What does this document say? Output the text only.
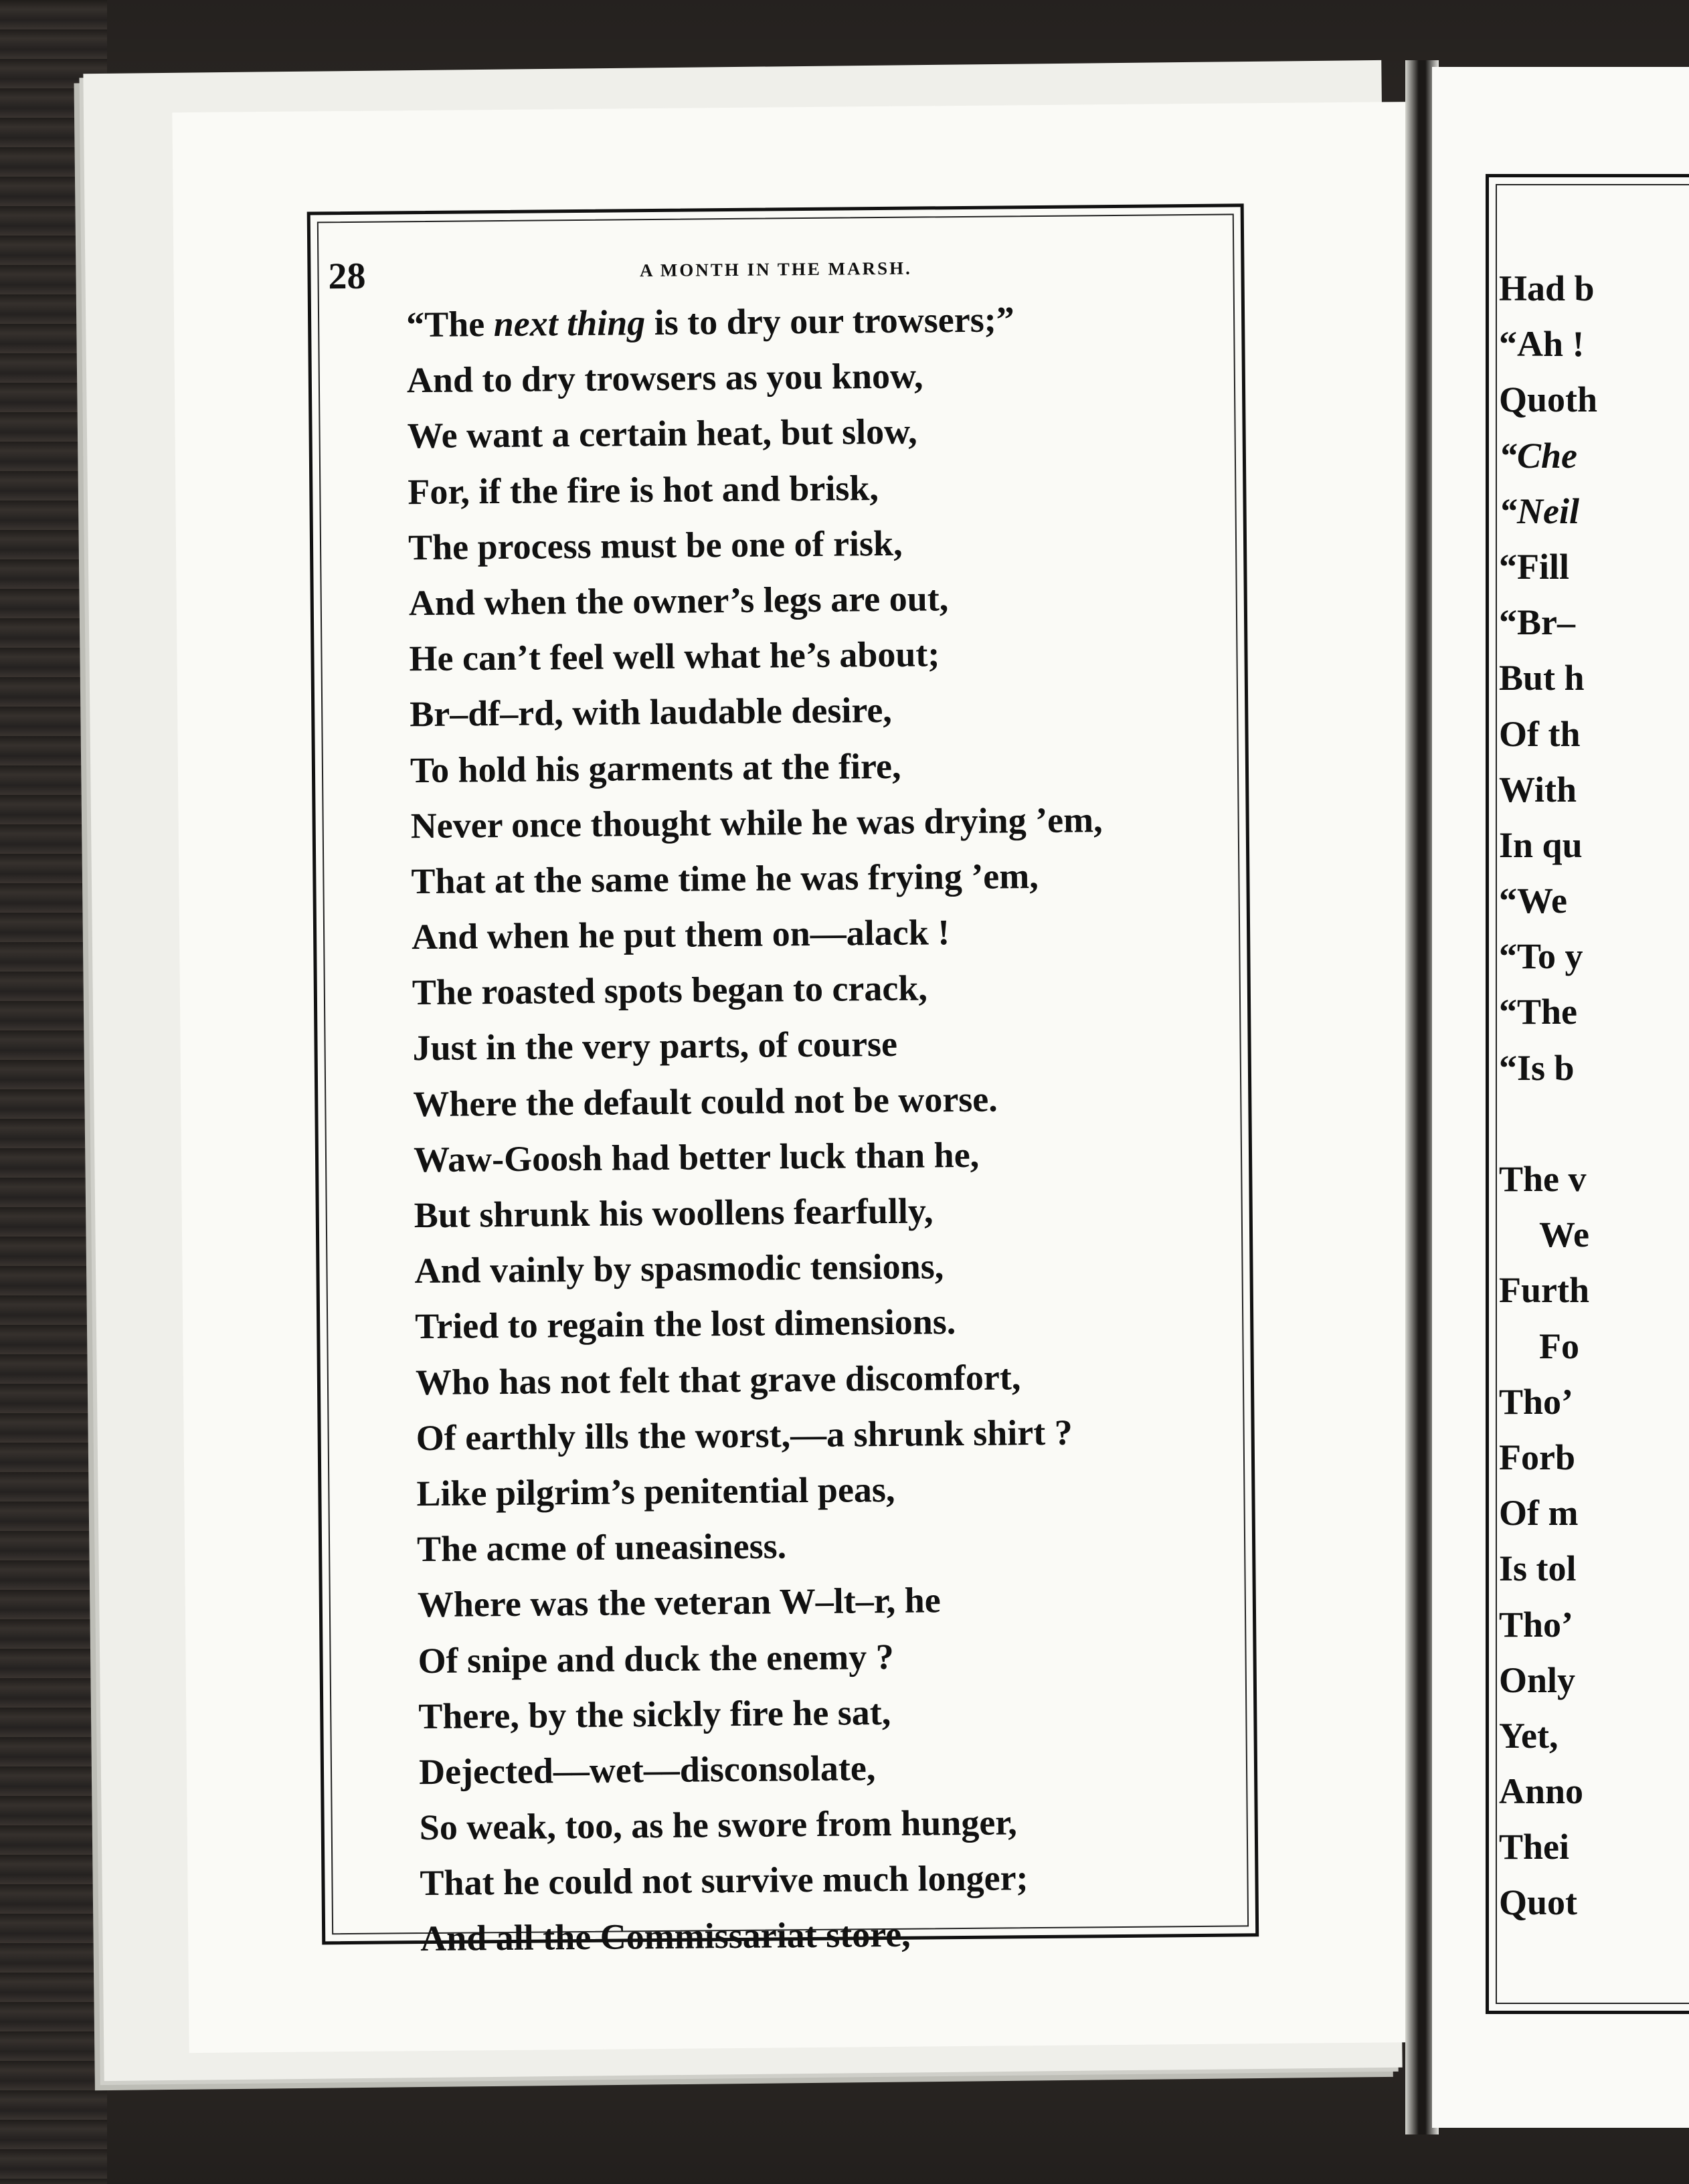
28	A MONTH IN THE MARSH.
“The next thing is to dry our trowsers;”
And to dry trowsers as you know,
We want a certain heat, but slow,
For, if the fire is hot and brisk,
The process must be one of risk,
And when the owner’s legs are out,
He can’t feel well what he’s about;
Br–df–rd, with laudable desire,
To hold his garments at the fire,
Never once thought while he was drying ’em,
That at the same time he was frying ’em,
And when he put them on—alack !
The roasted spots began to crack,
Just in the very parts, of course
Where the default could not be worse.
Waw-Goosh had better luck than he,
But shrunk his woollens fearfully,
And vainly by spasmodic tensions,
Tried to regain the lost dimensions.
Who has not felt that grave discomfort,
Of earthly ills the worst,—a shrunk shirt ?
Like pilgrim’s penitential peas,
The acme of uneasiness.
Where was the veteran W–lt–r, he
Of snipe and duck the enemy ?
There, by the sickly fire he sat,
Dejected––wet––disconsolate,
So weak, too, as he swore from hunger,
That he could not survive much longer;
And all the Commissariat store,
Had b
“Ah !
Quoth
“Che
“Neil
“Fill
“Br–
But h
Of th
With
In qu
“We
“To y
“The
“Is b
The v
We
Furth
Fo
Tho’
Forb
Of m
Is tol
Tho’
Only
Yet,
Anno
Thei
Quot
